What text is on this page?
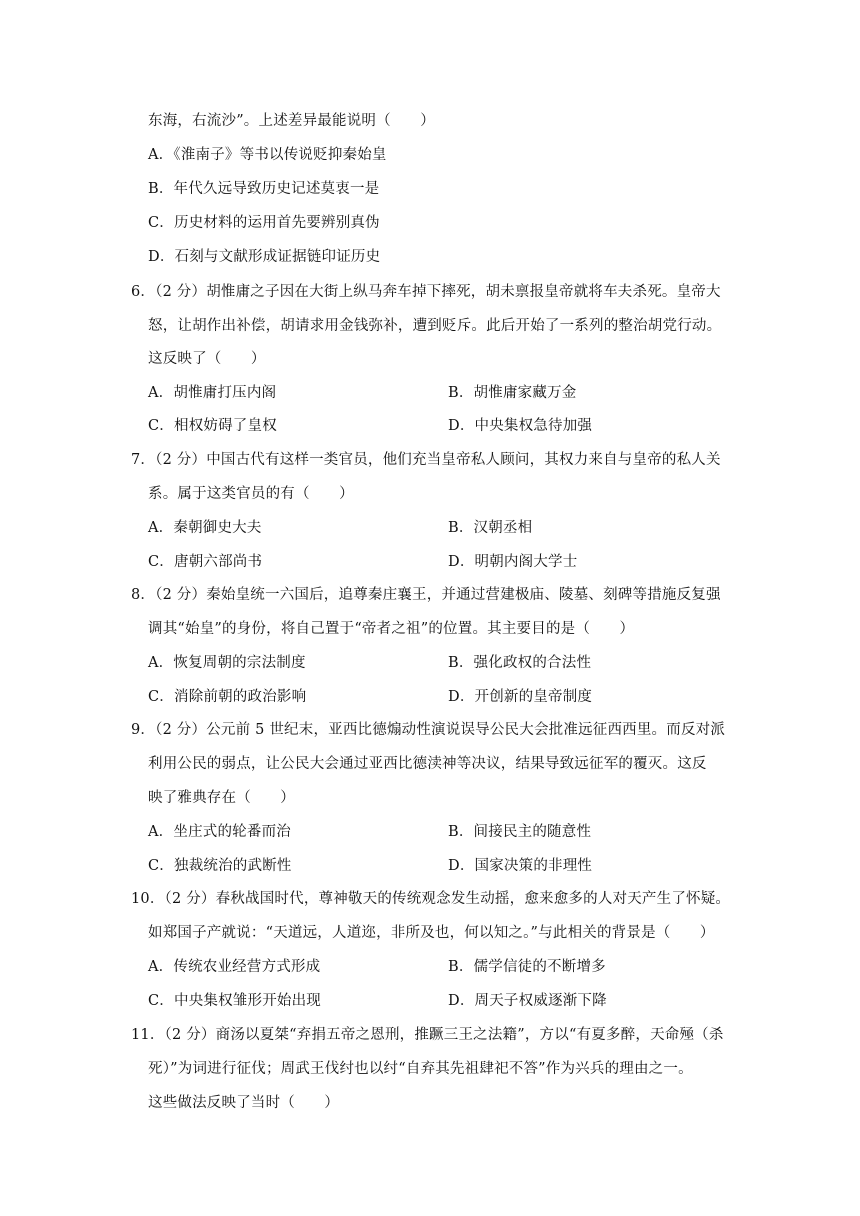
东海，右流沙”。上述差异最能说明（　　）
A．《淮南子》等书以传说贬抑秦始皇
B．年代久远导致历史记述莫衷一是
C．历史材料的运用首先要辨别真伪
D．石刻与文献形成证据链印证历史
6．（2 分）胡惟庸之子因在大街上纵马奔车掉下摔死，胡未禀报皇帝就将车夫杀死。皇帝大
怒，让胡作出补偿，胡请求用金钱弥补，遭到贬斥。此后开始了一系列的整治胡党行动。
这反映了（　　）
A．胡惟庸打压内阁	B．胡惟庸家藏万金
C．相权妨碍了皇权	D．中央集权急待加强
7．（2 分）中国古代有这样一类官员，他们充当皇帝私人顾问，其权力来自与皇帝的私人关
系。属于这类官员的有（　　）
A．秦朝御史大夫	B．汉朝丞相
C．唐朝六部尚书	D．明朝内阁大学士
8．（2 分）秦始皇统一六国后，追尊秦庄襄王，并通过营建极庙、陵墓、刻碑等措施反复强
调其“始皇”的身份，将自己置于“帝者之祖”的位置。其主要目的是（　　）
A．恢复周朝的宗法制度	B．强化政权的合法性
C．消除前朝的政治影响	D．开创新的皇帝制度
9．（2 分）公元前 5 世纪末，亚西比德煽动性演说误导公民大会批准远征西西里。而反对派
利用公民的弱点，让公民大会通过亚西比德渎神等决议，结果导致远征军的覆灭。这反
映了雅典存在（　　）
A．坐庄式的轮番而治	B．间接民主的随意性
C．独裁统治的武断性	D．国家决策的非理性
10．（2 分）春秋战国时代，尊神敬天的传统观念发生动摇，愈来愈多的人对天产生了怀疑。
如郑国子产就说：“天道远，人道迩，非所及也，何以知之。”与此相关的背景是（　　）
A．传统农业经营方式形成	B．儒学信徒的不断增多
C．中央集权雏形开始出现	D．周天子权威逐渐下降
11．（2 分）商汤以夏桀“弃捐五帝之恩刑，推蹶三王之法籍”，方以“有夏多醉，天命殛（杀
死）”为词进行征伐；周武王伐纣也以纣“自弃其先祖肆祀不答”作为兴兵的理由之一。
这些做法反映了当时（　　）
